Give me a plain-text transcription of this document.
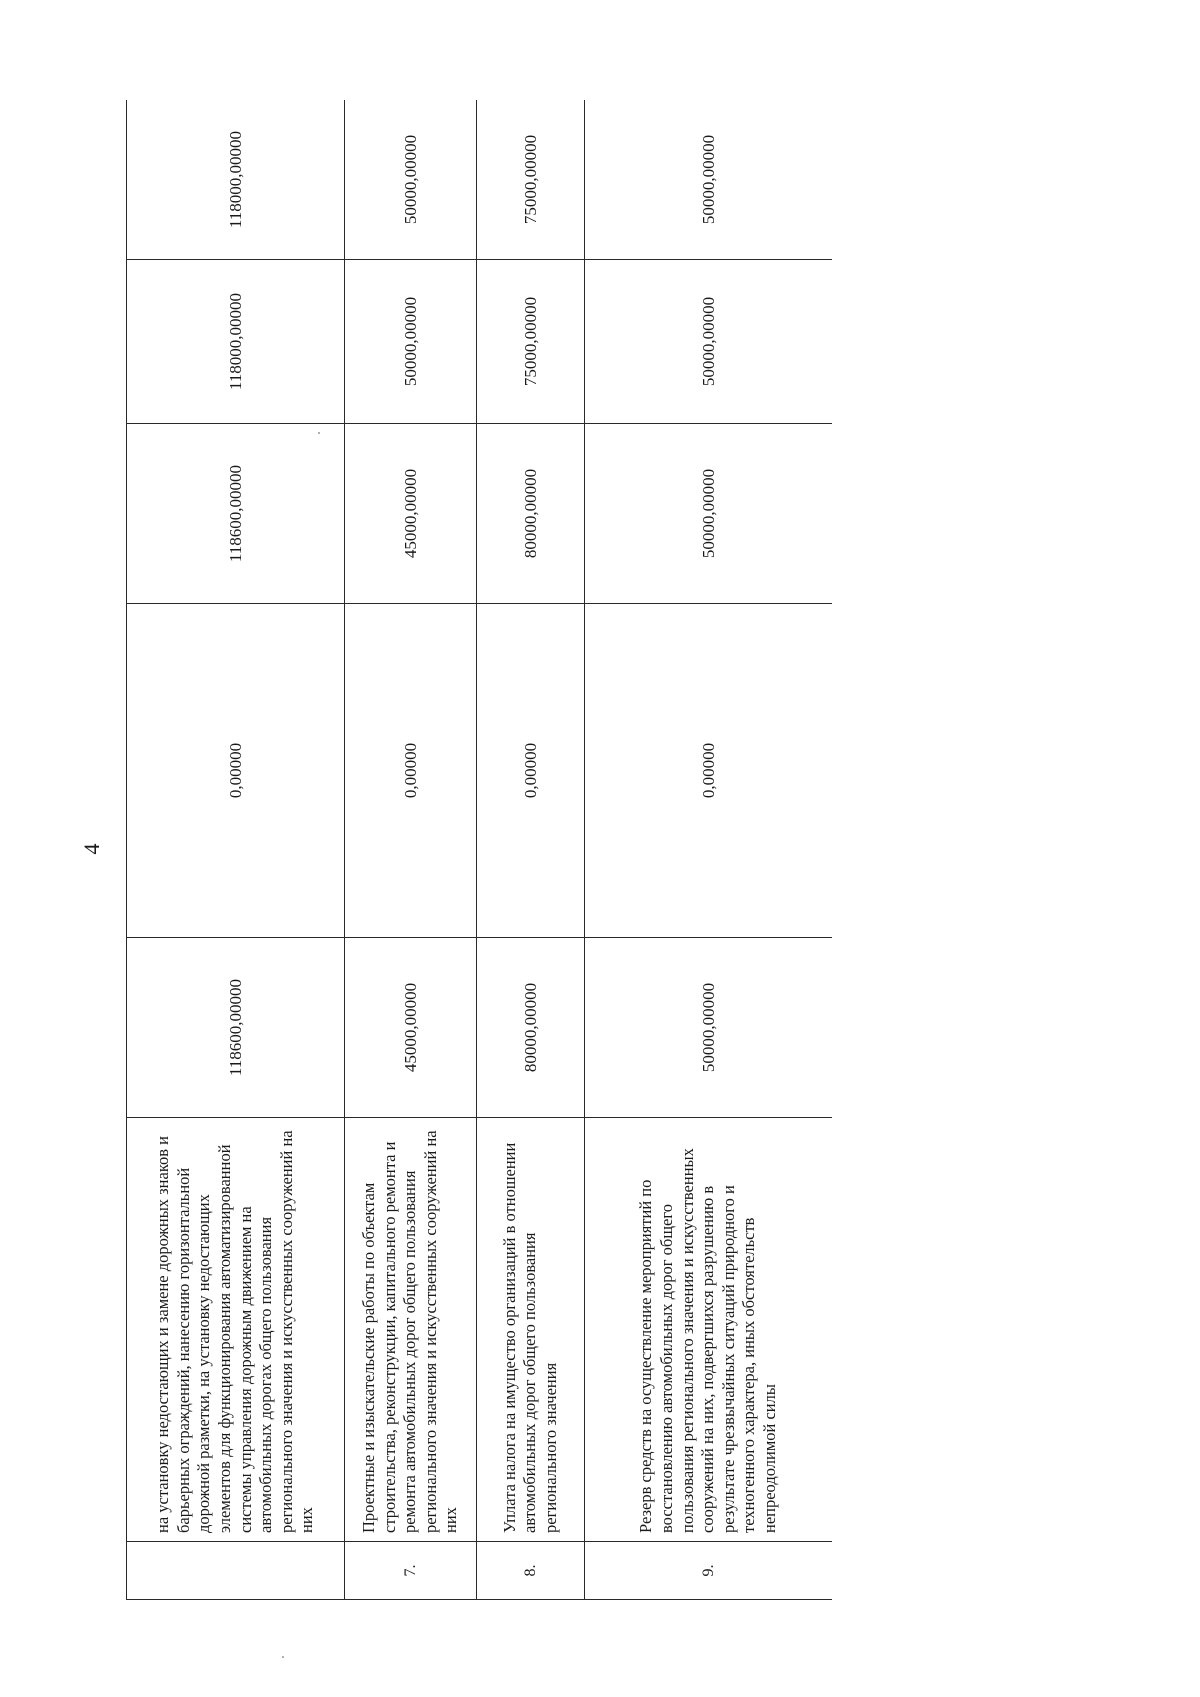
4
	на установку недостающих и замене дорожных знаков и барьерных ограждений, нанесению горизонтальной дорожной разметки, на установку недостающих элементов для функционирования автоматизированной системы управления дорожным движением на автомобильных дорогах общего пользования регионального значения и искусственных сооружений на них	118600,00000	0,00000	118600,00000	118000,00000	118000,00000
7.	Проектные и изыскательские работы по объектам строительства, реконструкции, капитального ремонта и ремонта автомобильных дорог общего пользования регионального значения и искусственных сооружений на них	45000,00000	0,00000	45000,00000	50000,00000	50000,00000
8.	Уплата налога на имущество организаций в отношении автомобильных дорог общего пользования регионального значения	80000,00000	0,00000	80000,00000	75000,00000	75000,00000
9.	Резерв средств на осуществление мероприятий по восстановлению автомобильных дорог общего пользования регионального значения и искусственных сооружений на них, подвергшихся разрушению в результате чрезвычайных ситуаций природного и техногенного характера, иных обстоятельств непреодолимой силы	50000,00000	0,00000	50000,00000	50000,00000	50000,00000
